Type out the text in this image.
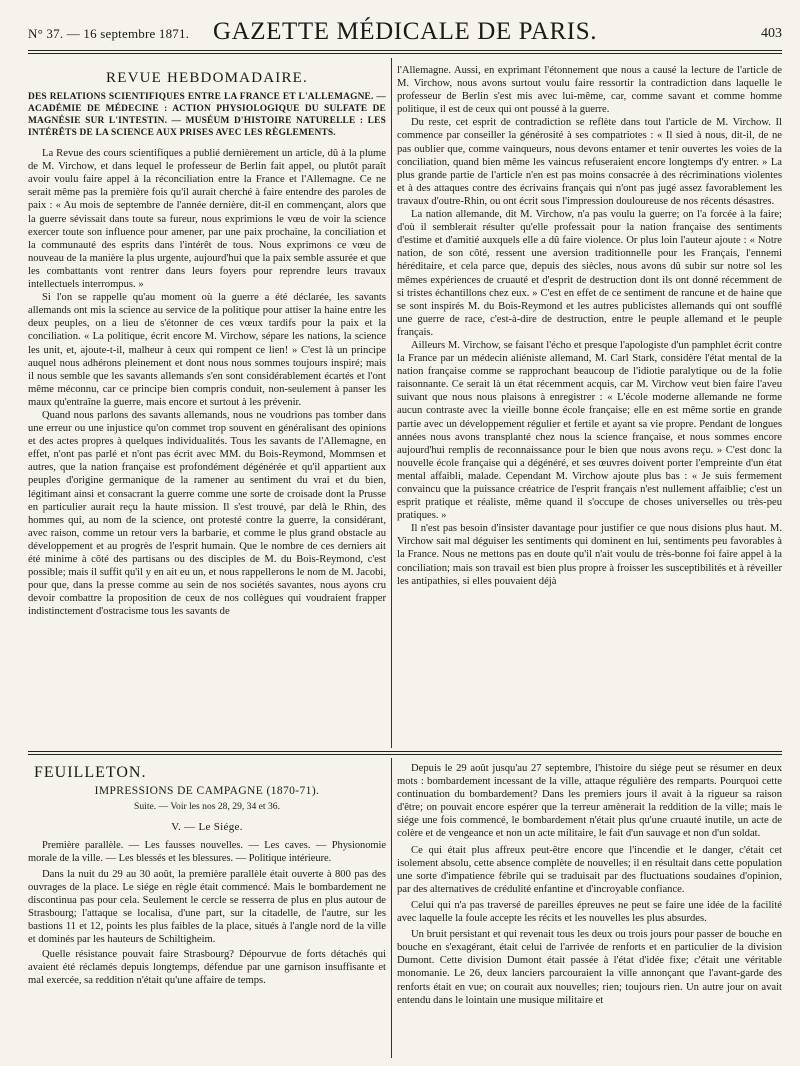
N° 37. — 16 septembre 1871. GAZETTE MÉDICALE DE PARIS.	403
REVUE HEBDOMADAIRE.
DES RELATIONS SCIENTIFIQUES ENTRE LA FRANCE ET L'ALLEMAGNE. — ACADÉMIE DE MÉDECINE : ACTION PHYSIOLOGIQUE DU SULFATE DE MAGNÉSIE SUR L'INTESTIN. — MUSÉUM D'HISTOIRE NATURELLE : LES INTÉRÊTS DE LA SCIENCE AUX PRISES AVEC LES RÈGLEMENTS.

La Revue des cours scientifiques a publié dernièrement un article, dû à la plume de M. Virchow, et dans lequel le professeur de Berlin fait appel, ou plutôt paraît avoir voulu faire appel à la réconciliation entre la France et l'Allemagne. Ce ne serait même pas la première fois qu'il aurait cherché à faire entendre des paroles de paix : « Au mois de septembre de l'année dernière, dit-il en commençant, alors que la guerre sévissait dans toute sa fureur, nous exprimions le vœu de voir la science exercer toute son influence pour amener, par une paix prochaine, la conciliation et la communauté des esprits dans l'intérêt de tous. Nous exprimons ce vœu de nouveau de la manière la plus urgente, aujourd'hui que la paix semble assurée et que les combattants vont rentrer dans leurs foyers pour reprendre leurs travaux intellectuels interrompus. »

Si l'on se rappelle qu'au moment où la guerre a été déclarée, les savants allemands ont mis la science au service de la politique pour attiser la haine entre les deux peuples, on a lieu de s'étonner de ces vœux tardifs pour la paix et la conciliation. « La politique, écrit encore M. Virchow, sépare les nations, la science les unit, et, ajoute-t-il, malheur à ceux qui rompent ce lien! » C'est là un principe auquel nous adhérons pleinement et dont nous nous sommes toujours inspiré; mais il nous semble que les savants allemands s'en sont considérablement écartés et l'ont même méconnu, car ce principe bien compris conduit, non-seulement à panser les maux qu'entraîne la guerre, mais encore et surtout à les prévenir.

Quand nous parlons des savants allemands, nous ne voudrions pas tomber dans une erreur ou une injustice qu'on commet trop souvent en généralisant des opinions et des actes propres à quelques individualités. Tous les savants de l'Allemagne, en effet, n'ont pas parlé et n'ont pas écrit avec MM. du Bois-Reymond, Mommsen et autres, que la nation française est profondément dégénérée et qu'il appartient aux peuples d'origine germanique de la ramener au sentiment du vrai et du bien, légitimant ainsi et consacrant la guerre comme une sorte de croisade dont la Prusse en particulier aurait reçu la haute mission. Il s'est trouvé, par delà le Rhin, des hommes qui, au nom de la science, ont protesté contre la guerre, la considérant, avec raison, comme un retour vers la barbarie, et comme le plus grand obstacle au développement et au progrès de l'esprit humain. Que le nombre de ces derniers ait été minime à côté des partisans ou des disciples de M. du Bois-Reymond, c'est possible; mais il suffit qu'il y en ait eu un, et nous rappellerons le nom de M. Jacobi, pour que, dans la presse comme au sein de nos sociétés savantes, nous ayons cru devoir combattre la proposition de ceux de nos collègues qui voudraient frapper indistinctement d'ostracisme tous les savants de

l'Allemagne. Aussi, en exprimant l'étonnement que nous a causé la lecture de l'article de M. Virchow, nous avons surtout voulu faire ressortir la contradiction dans laquelle le professeur de Berlin s'est mis avec lui-même, car, comme savant et comme homme politique, il est de ceux qui ont poussé à la guerre.

Du reste, cet esprit de contradiction se reflète dans tout l'article de M. Virchow. Il commence par conseiller la générosité à ses compatriotes : « Il sied à nous, dit-il, de ne pas oublier que, comme vainqueurs, nous devons entamer et tenir ouvertes les voies de la conciliation, quand bien même les vaincus refuseraient encore longtemps d'y entrer. » La plus grande partie de l'article n'en est pas moins consacrée à des récriminations violentes et à des attaques contre des écrivains français qui n'ont pas jugé assez favorablement les travaux d'outre-Rhin, ou ont écrit sous l'impression douloureuse de nos récents désastres.

La nation allemande, dit M. Virchow, n'a pas voulu la guerre; on l'a forcée à la faire; d'où il semblerait résulter qu'elle professait pour la nation française des sentiments d'estime et d'amitié auxquels elle a dû faire violence. Or plus loin l'auteur ajoute : « Notre nation, de son côté, ressent une aversion traditionnelle pour les Français, l'ennemi héréditaire, et cela parce que, depuis des siècles, nous avons dû subir sur notre sol les mêmes expériences de cruauté et d'esprit de destruction dont ils ont donné récemment de si tristes échantillons chez eux. » C'est en effet de ce sentiment de rancune et de haine que se sont inspirés M. du Bois-Reymond et les autres publicistes allemands qui ont soufflé une guerre de race, c'est-à-dire de destruction, entre le peuple allemand et le peuple français.

Ailleurs M. Virchow, se faisant l'écho et presque l'apologiste d'un pamphlet écrit contre la France par un médecin aliéniste allemand, M. Carl Stark, considère l'état mental de la nation française comme se rapprochant beaucoup de l'idiotie paralytique ou de la folie raisonnante. Ce serait là un état récemment acquis, car M. Virchow veut bien faire l'aveu suivant que nous nous plaisons à enregistrer : « L'école moderne allemande ne forme aucun contraste avec la vieille bonne école française; elle en est même sortie en grande partie avec un développement régulier et fertile et ayant sa vie propre. Pendant de longues années nous avons transplanté chez nous la science française, et nous sommes encore aujourd'hui remplis de reconnaissance pour le bien que nous avons reçu. » C'est donc la nouvelle école française qui a dégénéré, et ses œuvres doivent porter l'empreinte d'un état mental affaibli, malade. Cependant M. Virchow ajoute plus bas : « Je suis fermement convaincu que la puissance créatrice de l'esprit français n'est nullement affaiblie; c'est un esprit pratique et réaliste, même quand il s'occupe de choses universelles ou très-peu pratiques. »

Il n'est pas besoin d'insister davantage pour justifier ce que nous disions plus haut. M. Virchow sait mal déguiser les sentiments qui dominent en lui, sentiments peu favorables à la France. Nous ne mettons pas en doute qu'il n'ait voulu de très-bonne foi faire appel à la conciliation; mais son travail est bien plus propre à froisser les susceptibilités et à réveiller les antipathies, si elles pouvaient déjà

FEUILLETON.
IMPRESSIONS DE CAMPAGNE (1870-71).
Suite. — Voir les nos 28, 29, 34 et 36.
V. — Le Siége.

Première parallèle. — Les fausses nouvelles. — Les caves. — Physionomie morale de la ville. — Les blessés et les blessures. — Politique intérieure.

Dans la nuit du 29 au 30 août, la première parallèle était ouverte à 800 pas des ouvrages de la place. Le siége en règle était commencé. Mais le bombardement ne discontinua pas pour cela. Seulement le cercle se resserra de plus en plus autour de Strasbourg; l'attaque se localisa, d'une part, sur la citadelle, de l'autre, sur les bastions 11 et 12, points les plus faibles de la place, situés à l'angle nord de la ville et dominés par les hauteurs de Schiltigheim.

Quelle résistance pouvait faire Strasbourg? Dépourvue de forts détachés qui avaient été réclamés depuis longtemps, défendue par une garnison insuffisante et mal exercée, sa reddition n'était qu'une affaire de temps.

Depuis le 29 août jusqu'au 27 septembre, l'histoire du siége peut se résumer en deux mots : bombardement incessant de la ville, attaque régulière des remparts. Pourquoi cette continuation du bombardement? Dans les premiers jours il avait à la rigueur sa raison d'être; on pouvait encore espérer que la terreur amènerait la reddition de la ville; mais le siége une fois commencé, le bombardement n'était plus qu'une cruauté inutile, un acte de colère et de vengeance et non un acte militaire, le fait d'un sauvage et non d'un soldat.

Ce qui était plus affreux peut-être encore que l'incendie et le danger, c'était cet isolement absolu, cette absence complète de nouvelles; il en résultait dans cette population une sorte d'impatience fébrile qui se traduisait par des fluctuations soudaines d'opinion, par des alternatives de crédulité enfantine et d'incroyable confiance.

Celui qui n'a pas traversé de pareilles épreuves ne peut se faire une idée de la facilité avec laquelle la foule accepte les récits et les nouvelles les plus absurdes.

Un bruit persistant et qui revenait tous les deux ou trois jours pour passer de bouche en bouche en s'exagérant, était celui de l'arrivée de renforts et en particulier de la division Dumont. Cette division Dumont était passée à l'état d'idée fixe; c'était une véritable monomanie. Le 26, deux lanciers parcouraient la ville annonçant que l'avant-garde des renforts était en vue; on courait aux nouvelles; rien; toujours rien. Un autre jour on avait entendu dans le lointain une musique militaire et
